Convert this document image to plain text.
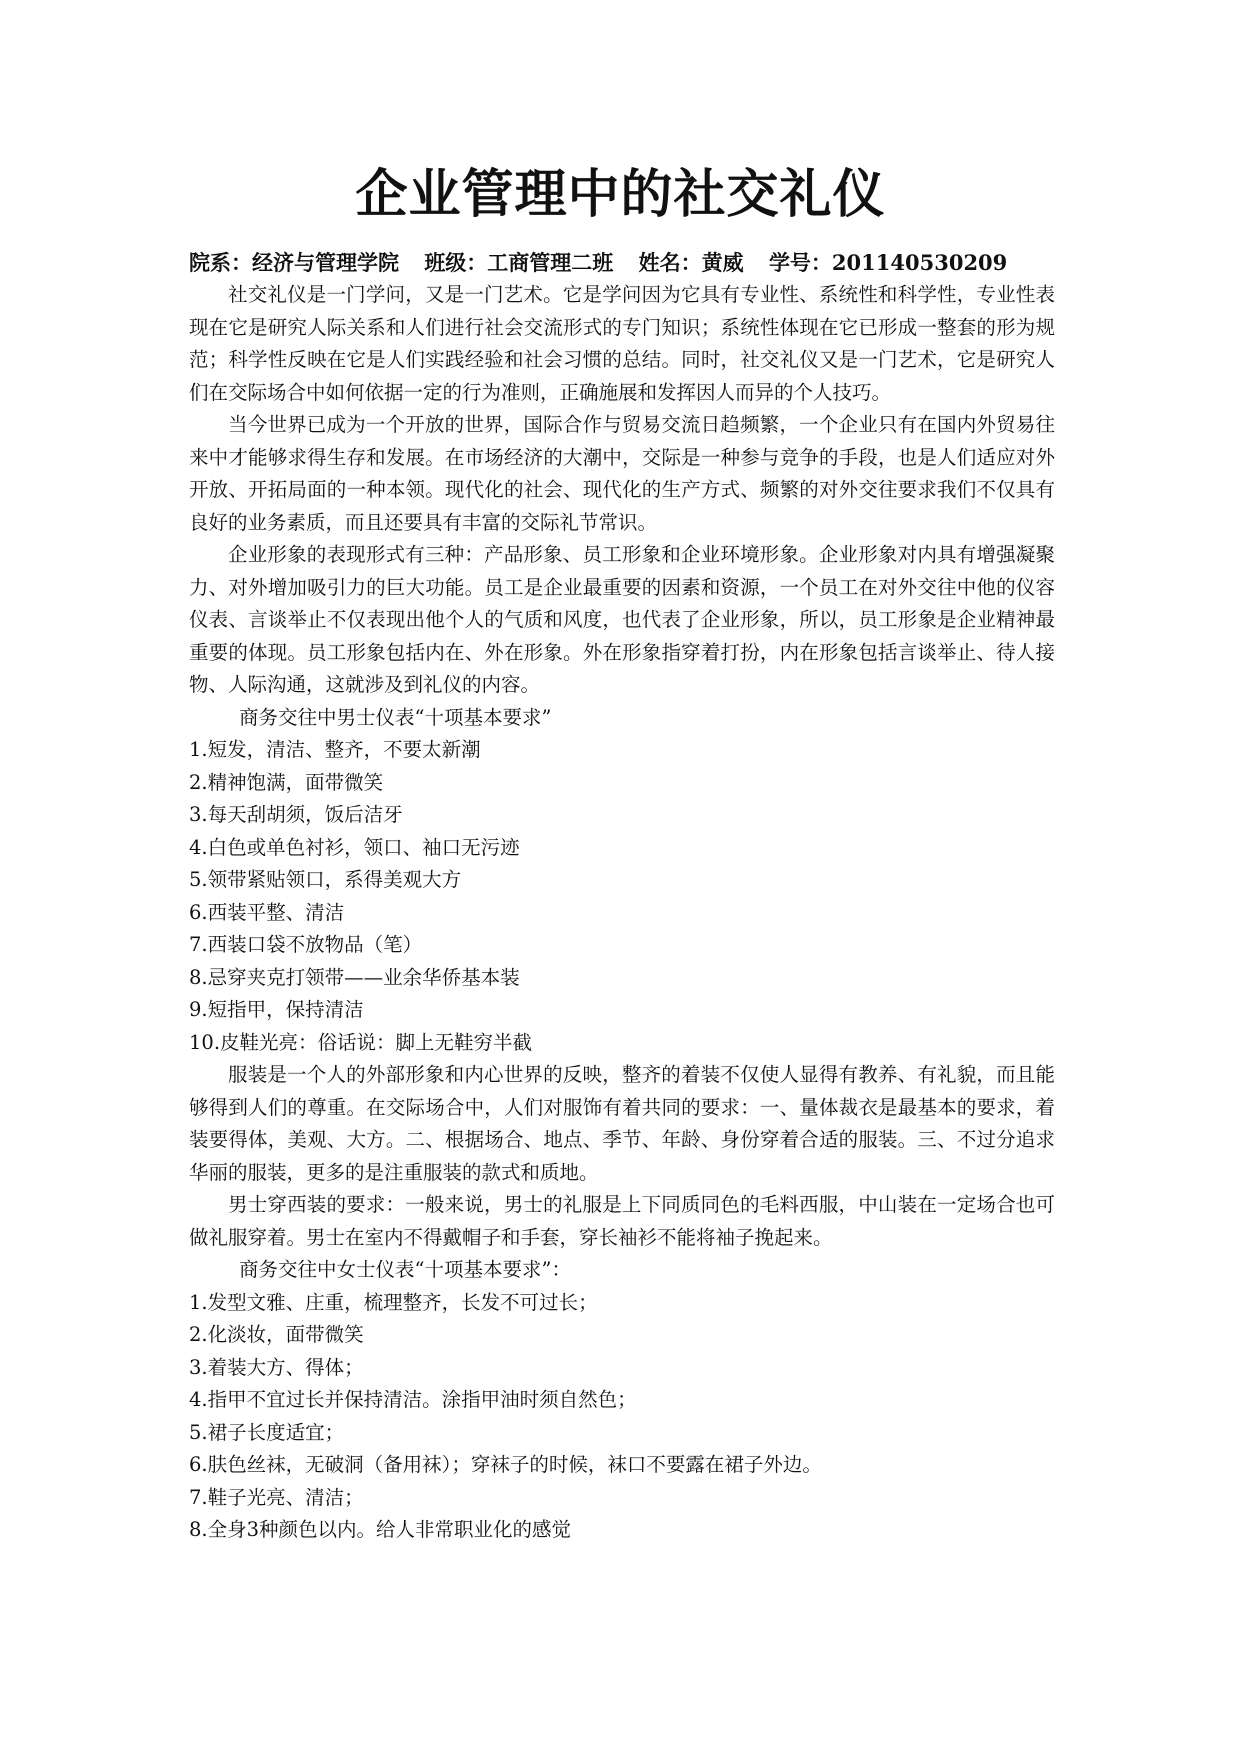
企业管理中的社交礼仪
院系：经济与管理学院 班级：工商管理二班 姓名：黄威 学号：201140530209

社交礼仪是一门学问，又是一门艺术。它是学问因为它具有专业性、系统性和科学性，专业性表现在它是研究人际关系和人们进行社会交流形式的专门知识；系统性体现在它已形成一整套的形为规范；科学性反映在它是人们实践经验和社会习惯的总结。同时，社交礼仪又是一门艺术，它是研究人们在交际场合中如何依据一定的行为准则，正确施展和发挥因人而异的个人技巧。

当今世界已成为一个开放的世界，国际合作与贸易交流日趋频繁，一个企业只有在国内外贸易往来中才能够求得生存和发展。在市场经济的大潮中，交际是一种参与竞争的手段，也是人们适应对外开放、开拓局面的一种本领。现代化的社会、现代化的生产方式、频繁的对外交往要求我们不仅具有良好的业务素质，而且还要具有丰富的交际礼节常识。

企业形象的表现形式有三种：产品形象、员工形象和企业环境形象。企业形象对内具有增强凝聚力、对外增加吸引力的巨大功能。员工是企业最重要的因素和资源，一个员工在对外交往中他的仪容仪表、言谈举止不仅表现出他个人的气质和风度，也代表了企业形象，所以，员工形象是企业精神最重要的体现。员工形象包括内在、外在形象。外在形象指穿着打扮，内在形象包括言谈举止、待人接物、人际沟通，这就涉及到礼仪的内容。

商务交往中男士仪表“十项基本要求”

1.短发，清洁、整齐，不要太新潮
2.精神饱满，面带微笑
3.每天刮胡须，饭后洁牙
4.白色或单色衬衫，领口、袖口无污迹
5.领带紧贴领口，系得美观大方
6.西装平整、清洁
7.西装口袋不放物品（笔）
8.忌穿夹克打领带——业余华侨基本装
9.短指甲，保持清洁
10.皮鞋光亮：俗话说：脚上无鞋穷半截

服装是一个人的外部形象和内心世界的反映，整齐的着装不仅使人显得有教养、有礼貌，而且能够得到人们的尊重。在交际场合中，人们对服饰有着共同的要求：一、量体裁衣是最基本的要求，着装要得体，美观、大方。二、根据场合、地点、季节、年龄、身份穿着合适的服装。三、不过分追求华丽的服装，更多的是注重服装的款式和质地。

男士穿西装的要求：一般来说，男士的礼服是上下同质同色的毛料西服，中山装在一定场合也可做礼服穿着。男士在室内不得戴帽子和手套，穿长袖衫不能将袖子挽起来。

商务交往中女士仪表“十项基本要求”：

1.发型文雅、庄重，梳理整齐，长发不可过长；
2.化淡妆，面带微笑
3.着装大方、得体；
4.指甲不宜过长并保持清洁。涂指甲油时须自然色；
5.裙子长度适宜；
6.肤色丝袜，无破洞（备用袜）；穿袜子的时候，袜口不要露在裙子外边。
7.鞋子光亮、清洁；
8.全身3种颜色以内。给人非常职业化的感觉
